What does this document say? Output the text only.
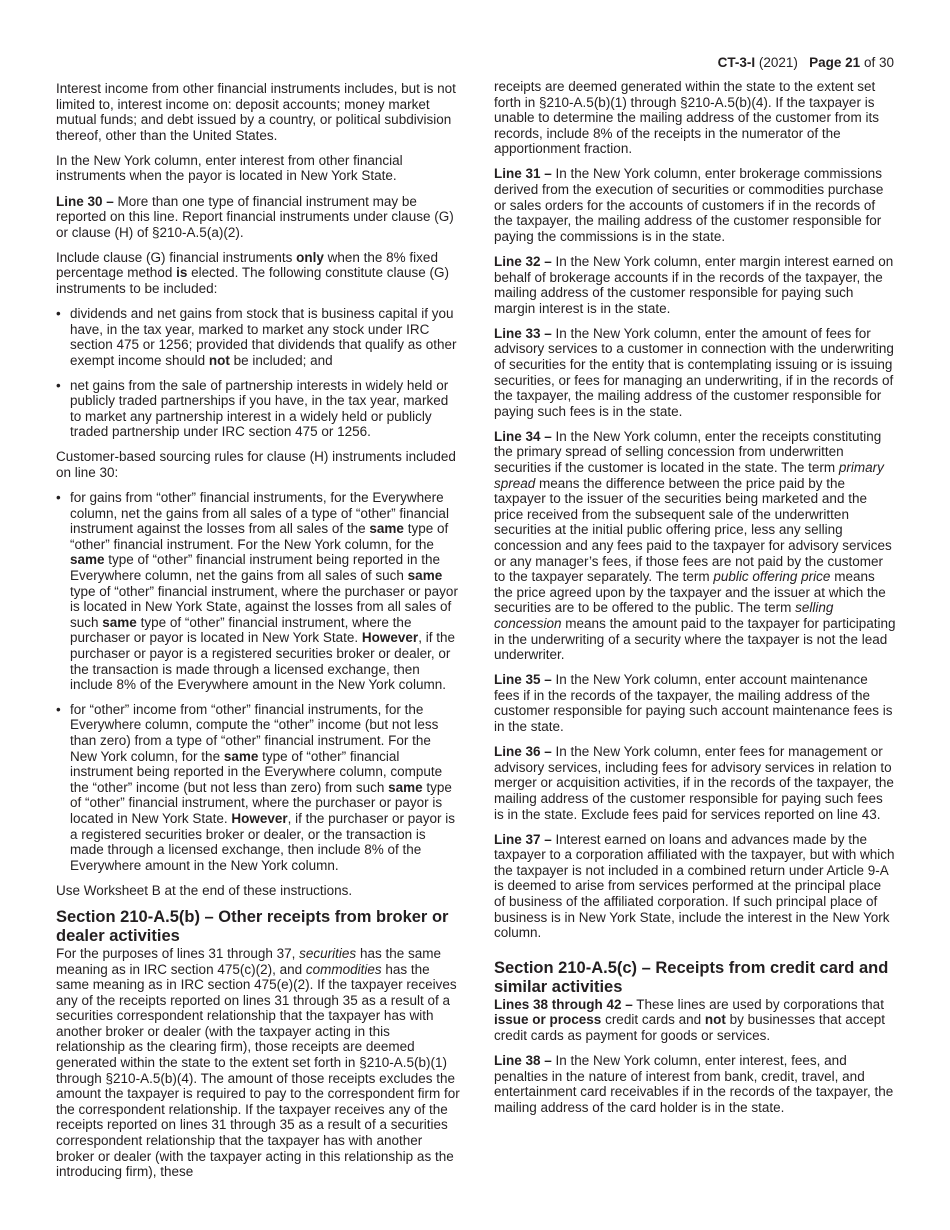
CT-3-I (2021) Page 21 of 30

Interest income from other financial instruments includes, but is not limited to, interest income on: deposit accounts; money market mutual funds; and debt issued by a country, or political subdivision thereof, other than the United States.

In the New York column, enter interest from other financial instruments when the payor is located in New York State.

Line 30 – More than one type of financial instrument may be reported on this line. Report financial instruments under clause (G) or clause (H) of §210-A.5(a)(2).

Include clause (G) financial instruments only when the 8% fixed percentage method is elected. The following constitute clause (G) instruments to be included:

• dividends and net gains from stock that is business capital if you have, in the tax year, marked to market any stock under IRC section 475 or 1256; provided that dividends that qualify as other exempt income should not be included; and
• net gains from the sale of partnership interests in widely held or publicly traded partnerships if you have, in the tax year, marked to market any partnership interest in a widely held or publicly traded partnership under IRC section 475 or 1256.

Customer-based sourcing rules for clause (H) instruments included on line 30:

• for gains from “other” financial instruments, for the Everywhere column, net the gains from all sales of a type of “other” financial instrument against the losses from all sales of the same type of “other” financial instrument. For the New York column, for the same type of “other” financial instrument being reported in the Everywhere column, net the gains from all sales of such same type of “other” financial instrument, where the purchaser or payor is located in New York State, against the losses from all sales of such same type of “other” financial instrument, where the purchaser or payor is located in New York State. However, if the purchaser or payor is a registered securities broker or dealer, or the transaction is made through a licensed exchange, then include 8% of the Everywhere amount in the New York column.
• for “other” income from “other” financial instruments, for the Everywhere column, compute the “other” income (but not less than zero) from a type of “other” financial instrument. For the New York column, for the same type of “other” financial instrument being reported in the Everywhere column, compute the “other” income (but not less than zero) from such same type of “other” financial instrument, where the purchaser or payor is located in New York State. However, if the purchaser or payor is a registered securities broker or dealer, or the transaction is made through a licensed exchange, then include 8% of the Everywhere amount in the New York column.

Use Worksheet B at the end of these instructions.

Section 210-A.5(b) – Other receipts from broker or dealer activities

For the purposes of lines 31 through 37, securities has the same meaning as in IRC section 475(c)(2), and commodities has the same meaning as in IRC section 475(e)(2). If the taxpayer receives any of the receipts reported on lines 31 through 35 as a result of a securities correspondent relationship that the taxpayer has with another broker or dealer (with the taxpayer acting in this relationship as the clearing firm), those receipts are deemed generated within the state to the extent set forth in §210-A.5(b)(1) through §210-A.5(b)(4). The amount of those receipts excludes the amount the taxpayer is required to pay to the correspondent firm for the correspondent relationship. If the taxpayer receives any of the receipts reported on lines 31 through 35 as a result of a securities correspondent relationship that the taxpayer has with another broker or dealer (with the taxpayer acting in this relationship as the introducing firm), these

receipts are deemed generated within the state to the extent set forth in §210-A.5(b)(1) through §210-A.5(b)(4). If the taxpayer is unable to determine the mailing address of the customer from its records, include 8% of the receipts in the numerator of the apportionment fraction.

Line 31 – In the New York column, enter brokerage commissions derived from the execution of securities or commodities purchase or sales orders for the accounts of customers if in the records of the taxpayer, the mailing address of the customer responsible for paying the commissions is in the state.

Line 32 – In the New York column, enter margin interest earned on behalf of brokerage accounts if in the records of the taxpayer, the mailing address of the customer responsible for paying such margin interest is in the state.

Line 33 – In the New York column, enter the amount of fees for advisory services to a customer in connection with the underwriting of securities for the entity that is contemplating issuing or is issuing securities, or fees for managing an underwriting, if in the records of the taxpayer, the mailing address of the customer responsible for paying such fees is in the state.

Line 34 – In the New York column, enter the receipts constituting the primary spread of selling concession from underwritten securities if the customer is located in the state. The term primary spread means the difference between the price paid by the taxpayer to the issuer of the securities being marketed and the price received from the subsequent sale of the underwritten securities at the initial public offering price, less any selling concession and any fees paid to the taxpayer for advisory services or any manager’s fees, if those fees are not paid by the customer to the taxpayer separately. The term public offering price means the price agreed upon by the taxpayer and the issuer at which the securities are to be offered to the public. The term selling concession means the amount paid to the taxpayer for participating in the underwriting of a security where the taxpayer is not the lead underwriter.

Line 35 – In the New York column, enter account maintenance fees if in the records of the taxpayer, the mailing address of the customer responsible for paying such account maintenance fees is in the state.

Line 36 – In the New York column, enter fees for management or advisory services, including fees for advisory services in relation to merger or acquisition activities, if in the records of the taxpayer, the mailing address of the customer responsible for paying such fees is in the state. Exclude fees paid for services reported on line 43.

Line 37 – Interest earned on loans and advances made by the taxpayer to a corporation affiliated with the taxpayer, but with which the taxpayer is not included in a combined return under Article 9-A is deemed to arise from services performed at the principal place of business of the affiliated corporation. If such principal place of business is in New York State, include the interest in the New York column.

Section 210-A.5(c) – Receipts from credit card and similar activities

Lines 38 through 42 – These lines are used by corporations that issue or process credit cards and not by businesses that accept credit cards as payment for goods or services.

Line 38 – In the New York column, enter interest, fees, and penalties in the nature of interest from bank, credit, travel, and entertainment card receivables if in the records of the taxpayer, the mailing address of the card holder is in the state.
